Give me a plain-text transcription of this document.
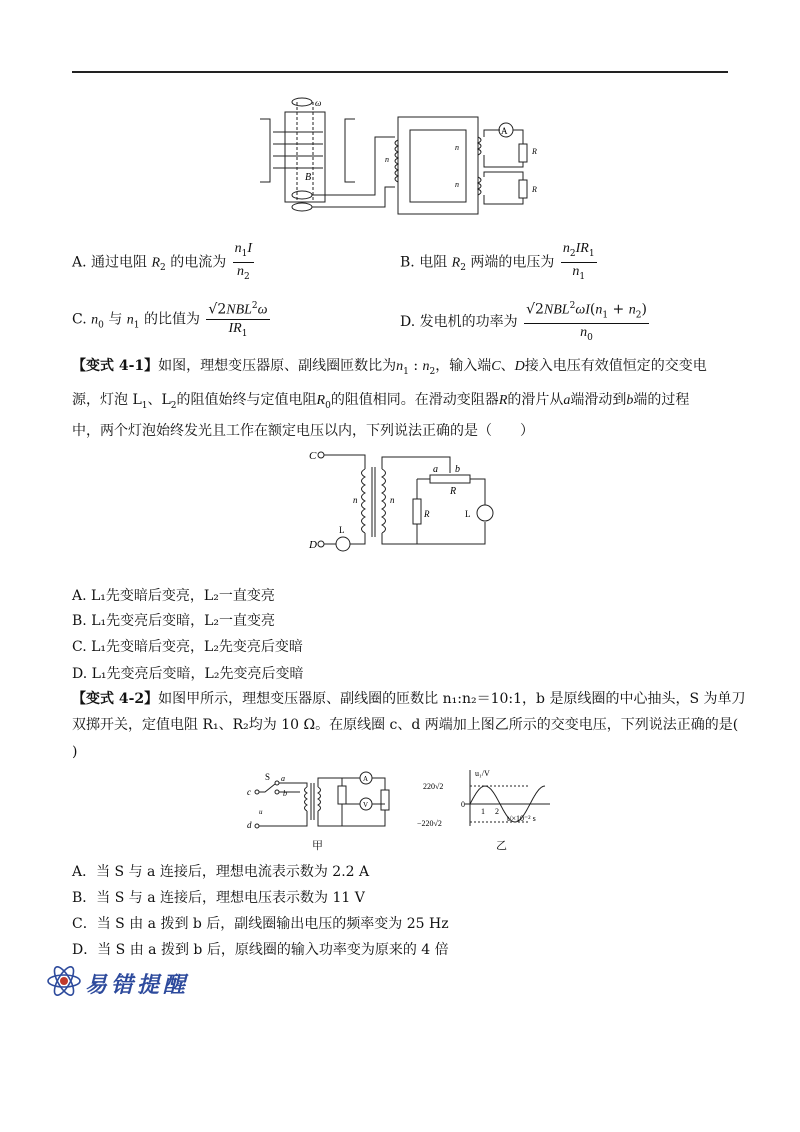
ω
B
A
n
n
n
R
R
A. 通过电阻 $R_2$ 的电流为 $\frac{n_1I}{n_2}$	B. 电阻 $R_2$ 两端的电压为 $\frac{n_2IR_1}{n_1}$
C. $n_0$ 与 $n_1$ 的比值为 $\frac{√2NBL^2\omega}{IR_1}$	D. 发电机的功率为 $\frac{√2NBL^2\omega I(n_1 + n_2)}{n_0}$
【变式 4-1】如图，理想变压器原、副线圈匝数比为$n_1$ : $n_2$，输入端C、D接入电压有效值恒定的交变电
源，灯泡 $L_1$、$L_2$的阻值始终与定值电阻$R_0$的阻值相同。在滑动变阻器R的滑片从a端滑动到b端的过程
中，两个灯泡始终发光且工作在额定电压以内，下列说法正确的是（　　）
C
D
a b
R
n	n
R	L
L
A. L₁先变暗后变亮，L₂一直变亮
B. L₁先变亮后变暗，L₂一直变亮
C. L₁先变暗后变亮，L₂先变亮后变暗
D. L₁先变亮后变暗，L₂先变亮后变暗
【变式 4-2】如图甲所示，理想变压器原、副线圈的匝数比 n₁:n₂＝10:1，b 是原线圈的中心抽头，S 为单刀
双掷开关，定值电阻 R₁、R₂均为 10 Ω。在原线圈 c、d 两端加上图乙所示的交变电压，下列说法正确的是(
)
c
d
S a
b
A
V
u
甲
u₁/V
t/×10⁻² s
220√2
0
−220√2
1 2
乙
A．当 S 与 a 连接后，理想电流表示数为 2.2 A
B．当 S 与 a 连接后，理想电压表示数为 11 V
C．当 S 由 a 拨到 b 后，副线圈输出电压的频率变为 25 Hz
D．当 S 由 a 拨到 b 后，原线圈的输入功率变为原来的 4 倍
易错提醒
